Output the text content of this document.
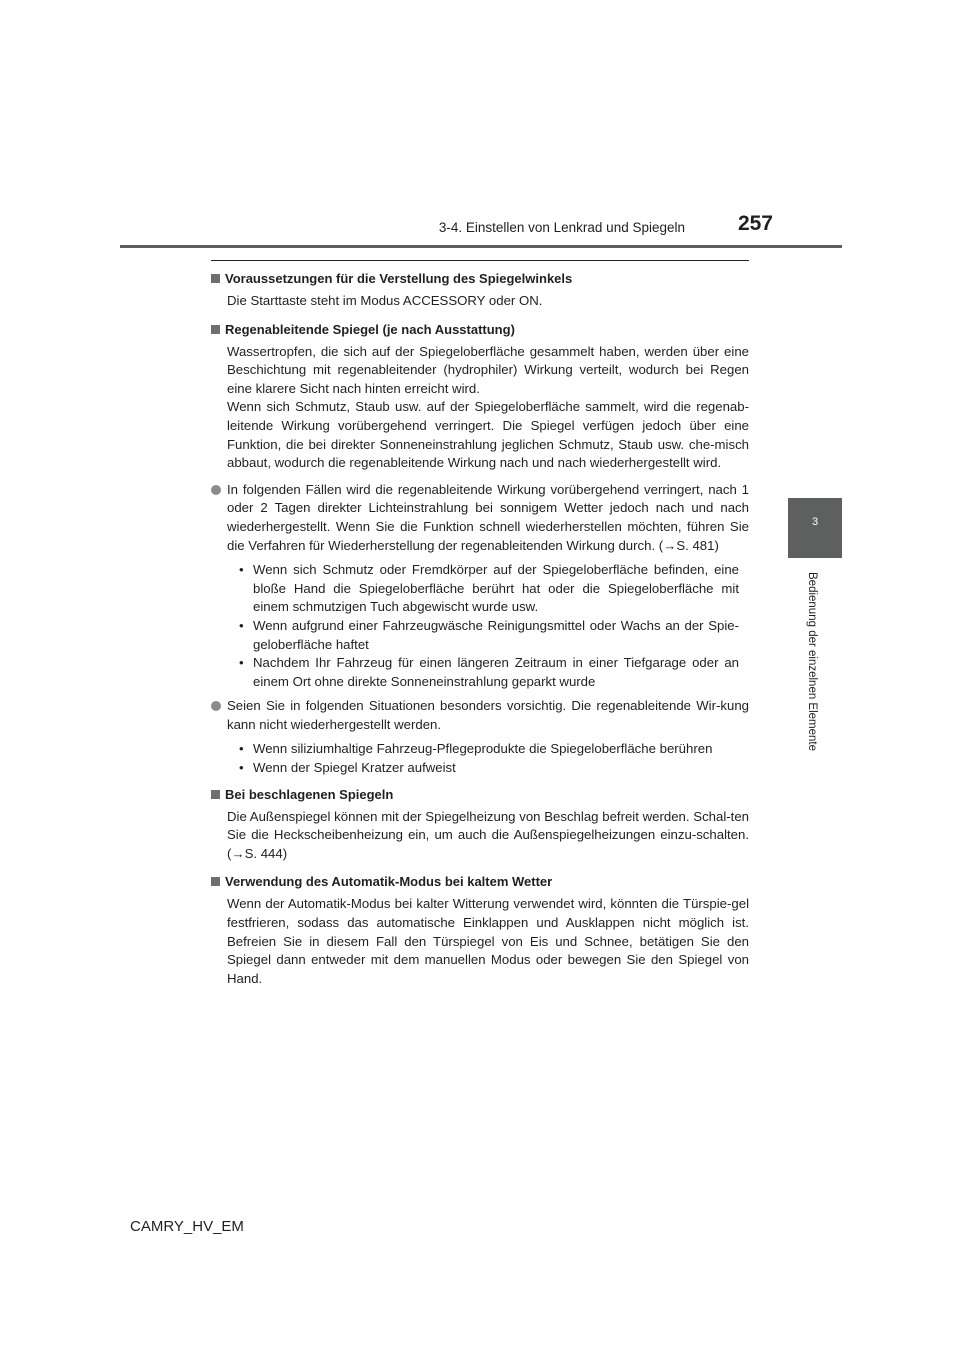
3-4. Einstellen von Lenkrad und Spiegeln	257
3
Bedienung der einzelnen Elemente
Voraussetzungen für die Verstellung des Spiegelwinkels
Die Starttaste steht im Modus ACCESSORY oder ON.
Regenableitende Spiegel (je nach Ausstattung)
Wassertropfen, die sich auf der Spiegeloberfläche gesammelt haben, werden über eine Beschichtung mit regenableitender (hydrophiler) Wirkung verteilt, wodurch bei Regen eine klarere Sicht nach hinten erreicht wird.
Wenn sich Schmutz, Staub usw. auf der Spiegeloberfläche sammelt, wird die regenab-leitende Wirkung vorübergehend verringert. Die Spiegel verfügen jedoch über eine Funktion, die bei direkter Sonneneinstrahlung jeglichen Schmutz, Staub usw. che-misch abbaut, wodurch die regenableitende Wirkung nach und nach wiederhergestellt wird.
In folgenden Fällen wird die regenableitende Wirkung vorübergehend verringert, nach 1 oder 2 Tagen direkter Lichteinstrahlung bei sonnigem Wetter jedoch nach und nach wiederhergestellt. Wenn Sie die Funktion schnell wiederherstellen möchten, führen Sie die Verfahren für Wiederherstellung der regenableitenden Wirkung durch. (→S. 481)
• Wenn sich Schmutz oder Fremdkörper auf der Spiegeloberfläche befinden, eine bloße Hand die Spiegeloberfläche berührt hat oder die Spiegeloberfläche mit einem schmutzigen Tuch abgewischt wurde usw.
• Wenn aufgrund einer Fahrzeugwäsche Reinigungsmittel oder Wachs an der Spie-geloberfläche haftet
• Nachdem Ihr Fahrzeug für einen längeren Zeitraum in einer Tiefgarage oder an einem Ort ohne direkte Sonneneinstrahlung geparkt wurde
Seien Sie in folgenden Situationen besonders vorsichtig. Die regenableitende Wir-kung kann nicht wiederhergestellt werden.
• Wenn siliziumhaltige Fahrzeug-Pflegeprodukte die Spiegeloberfläche berühren
• Wenn der Spiegel Kratzer aufweist
Bei beschlagenen Spiegeln
Die Außenspiegel können mit der Spiegelheizung von Beschlag befreit werden. Schal-ten Sie die Heckscheibenheizung ein, um auch die Außenspiegelheizungen einzu-schalten. (→S. 444)
Verwendung des Automatik-Modus bei kaltem Wetter
Wenn der Automatik-Modus bei kalter Witterung verwendet wird, könnten die Türspie-gel festfrieren, sodass das automatische Einklappen und Ausklappen nicht möglich ist. Befreien Sie in diesem Fall den Türspiegel von Eis und Schnee, betätigen Sie den Spiegel dann entweder mit dem manuellen Modus oder bewegen Sie den Spiegel von Hand.
CAMRY_HV_EM
